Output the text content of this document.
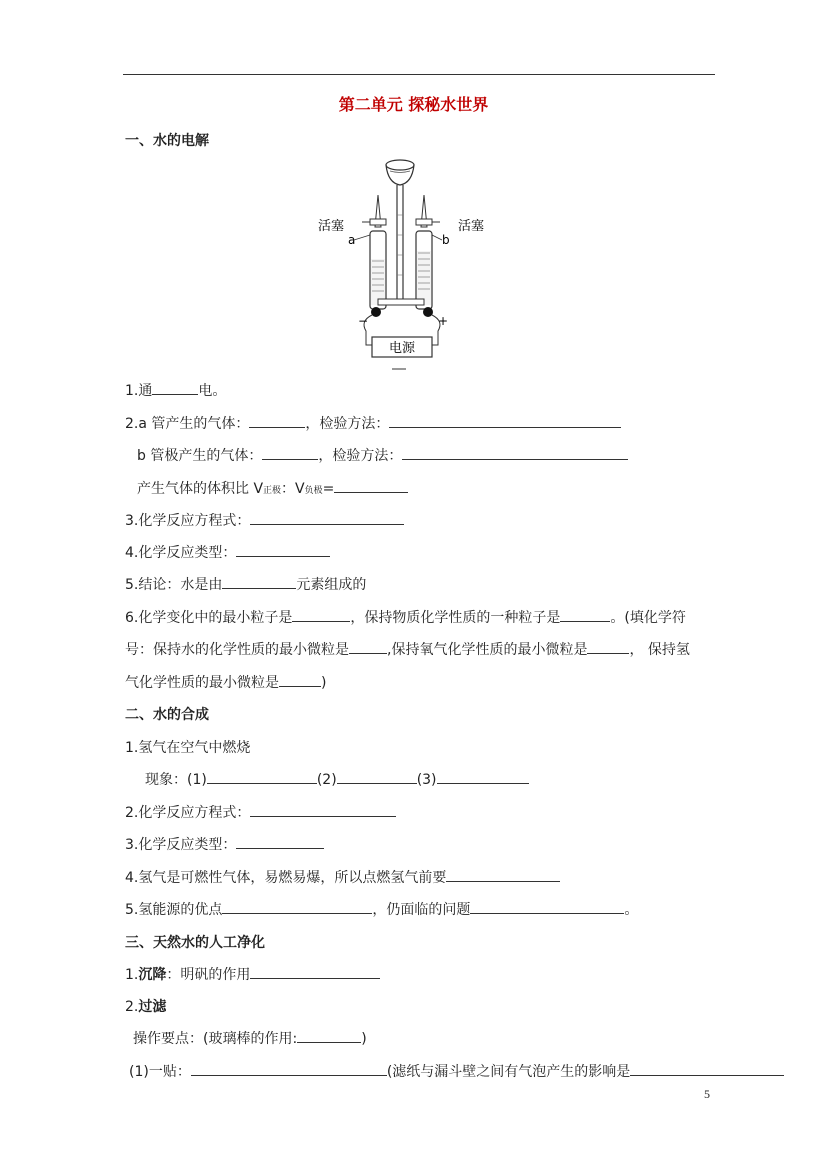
第二单元 探秘水世界
一、水的电解
电源
活塞	活塞
a	b
−	+
1.通	电。
2.a 管产生的气体：	，检验方法：
b 管极产生的气体：	，检验方法：
产生气体的体积比 V正极：V负极=
3.化学反应方程式：
4.化学反应类型：
5.结论：水是由	元素组成的
6.化学变化中的最小粒子是	，保持物质化学性质的一种粒子是	。(填化学符
号：保持水的化学性质的最小微粒是	,保持氧气化学性质的最小微粒是	， 保持氢
气化学性质的最小微粒是	)
二、水的合成
1.氢气在空气中燃烧
现象：(1)	(2)	(3)
2.化学反应方程式：
3.化学反应类型：
4.氢气是可燃性气体，易燃易爆，所以点燃氢气前要
5.氢能源的优点	，仍面临的问题	。
三、天然水的人工净化
1.沉降：明矾的作用
2.过滤
操作要点：(玻璃棒的作用:	)
(1)一贴：	(滤纸与漏斗壁之间有气泡产生的影响是
5
